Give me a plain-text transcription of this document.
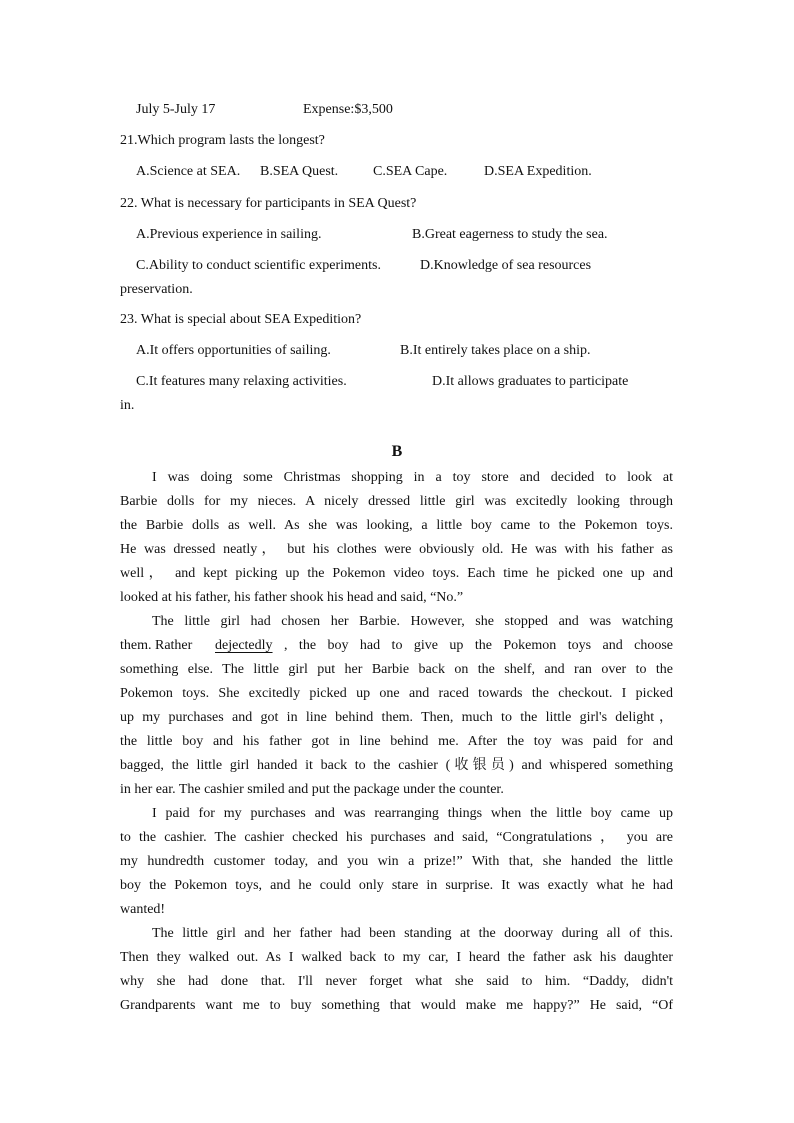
July 5-July 17	Expense:$3,500
21.Which program lasts the longest?
A.Science at SEA. B.SEA Quest. C.SEA Cape.	D.SEA Expedition.
22. What is necessary for participants in SEA Quest?
A.Previous experience in sailing.	B.Great eagerness to study the sea.
C.Ability to conduct scientific experiments.	D.Knowledge of sea resources
preservation.
23. What is special about SEA Expedition?
A.It offers opportunities of sailing.	B.It entirely takes place on a ship.
C.It features many relaxing activities.	D.It allows graduates to participate
in.
B
I was doing some Christmas shopping in a toy store and decided to look at
Barbie dolls for my nieces. A nicely dressed little girl was excitedly looking through
the Barbie dolls as well. As she was looking, a little boy came to the Pokemon toys.
He was dressed neatly， but his clothes were obviously old. He was with his father as
well， and kept picking up the Pokemon video toys. Each time he picked one up and
looked at his father, his father shook his head and said, “No.”
The little girl had chosen her Barbie. However, she stopped and was watching
them. Rather dejectedly , the boy had to give up the Pokemon toys and choose
something else. The little girl put her Barbie back on the shelf, and ran over to the
Pokemon toys. She excitedly picked up one and raced towards the checkout. I picked
up my purchases and got in line behind them. Then, much to the little girl's delight，
the little boy and his father got in line behind me. After the toy was paid for and
bagged, the little girl handed it back to the cashier (收银员) and whispered something
in her ear. The cashier smiled and put the package under the counter.
I paid for my purchases and was rearranging things when the little boy came up
to the cashier. The cashier checked his purchases and said, “Congratulations ， you are
my hundredth customer today, and you win a prize!” With that, she handed the little
boy the Pokemon toys, and he could only stare in surprise. It was exactly what he had
wanted!
The little girl and her father had been standing at the doorway during all of this.
Then they walked out. As I walked back to my car, I heard the father ask his daughter
why she had done that. I'll never forget what she said to him. “Daddy, didn't
Grandparents want me to buy something that would make me happy?” He said, “Of
